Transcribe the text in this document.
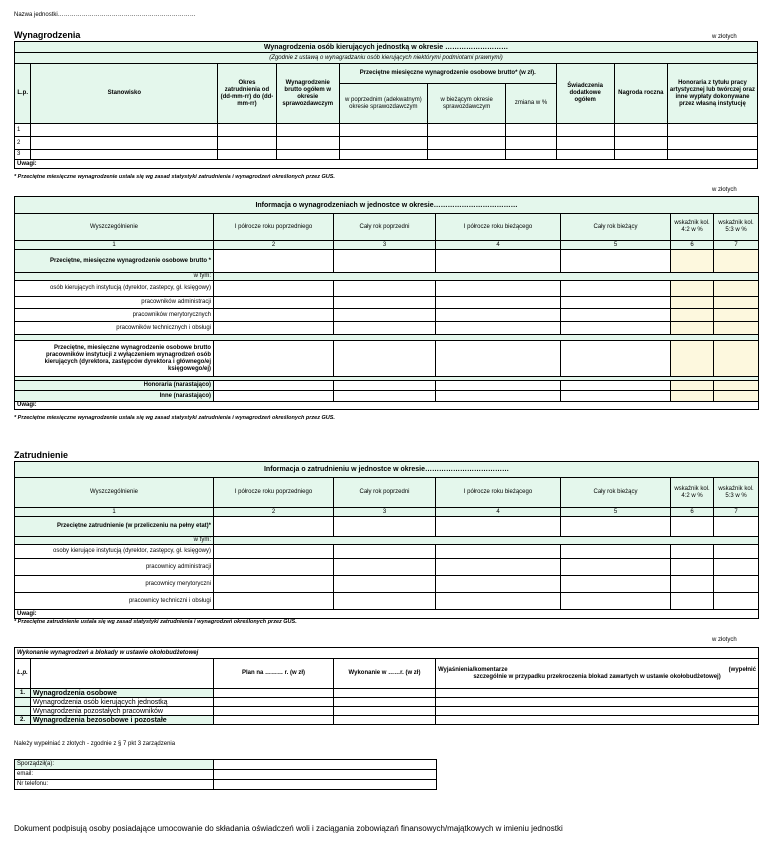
Nazwa jednostki……………………………………………………………
Wynagrodzenia	w złotych
Wynagrodzenia osób kierujących jednostką w okresie ………………………									
(Zgodnie z ustawą o wynagradzaniu osób kierujących niektórymi podmiotami prawnymi)									
L.p.	Stanowisko	Okres zatrudnienia od (dd-mm-rr) do (dd-mm-rr)	Wynagrodzenie brutto ogółem w okresie sprawozdawczym	Przeciętne miesięczne wynagrodzenie osobowe brutto* (w zł).			Świadczenia dodatkowe ogółem	Nagroda roczna	Honoraria z tytułu pracy artystycznej lub twórczej oraz inne wypłaty dokonywane przez własną instytucję
				w poprzednim (adekwatnym) okresie sprawozdawczym	w bieżącym okresie sprawozdawczym	zmiana w %			
1									
2									
3									
Uwagi:									
* Przeciętne miesięczne wynagrodzenie ustala się wg zasad statystyki zatrudnienia i wynagrodzeń określonych przez GUS.
w złotych
Informacja o wynagrodzeniach w jednostce w okresie………………………………						
Wyszczególnienie	I półrocze roku poprzedniego	Cały rok poprzedni	I półrocze roku bieżącego	Cały rok bieżący	wskaźnik kol. 4:2 w %	wskaźnik kol. 5:3 w %
1	2	3	4	5	6	7
Przeciętne, miesięczne wynagrodzenie osobowe brutto *						
w tym:						
osób kierujących instytucją (dyrektor, zastepcy, gł. księgowy)						
pracowników administracji						
pracowników merytorycznych						
pracowników technicznych i obsługi						

Przeciętne, miesięczne wynagrodzenie osobowe brutto pracowników instytucji z wyłączeniem wynagrodzeń osób kierujących (dyrektora, zastępców dyrektora i głównego/ej księgowego/ej)						

Honoraria (narastająco)						
Inne (narastająco)						
Uwagi:						
* Przeciętne miesięczne wynagrodzenie ustala się wg zasad statystyki zatrudnienia i wynagrodzeń określonych przez GUS.
Zatrudnienie
Informacja o zatrudnieniu w jednostce w okresie………………………………						
Wyszczególnienie	I półrocze roku poprzedniego	Cały rok poprzedni	I półrocze roku bieżącego	Cały rok bieżący	wskaźnik kol. 4:2 w %	wskaźnik kol. 5:3 w %
1	2	3	4	5	6	7
Przeciętne zatrudnienie (w przeliczeniu na pełny etat)*						
w tym:						
osoby kierujące instytucją (dyrektor, zastępcy, gł. księgowy)						
pracownicy administracji						
pracownicy merytoryczni						
pracownicy techniczni i obsługi						
Uwagi:						
* Przeciętne zatrudnienie ustala się wg zasad statystyki zatrudnienia i wynagrodzeń określonych przez GUS.
w złotych
Wykonanie wynagrodzeń a blokady w ustawie okołobudżetowej				
L.p.		Plan na ……… r. (w zł)	Wykonanie w ……r. (w zł)	Wyjaśnienia/komentarze (wypełnić
szczególnie w przypadku przekroczenia blokad zawartych w ustawie okołobudżetowej)

1.	Wynagrodzenia osobowe			
	Wynagrodzenia osób kierujących jednostką			
	Wynagrodzenia pozostałych pracowników			
2.	Wynagrodzenia bezosobowe i pozostałe			
Należy wypełniać z złotych - zgodnie z § 7 pkt 3 zarządzenia
Sporządził(a):	
email:	
Nr telefonu:	
Dokument podpisują osoby posiadające umocowanie do składania oświadczeń woli i zaciągania zobowiązań finansowych/majątkowych w imieniu jednostki
